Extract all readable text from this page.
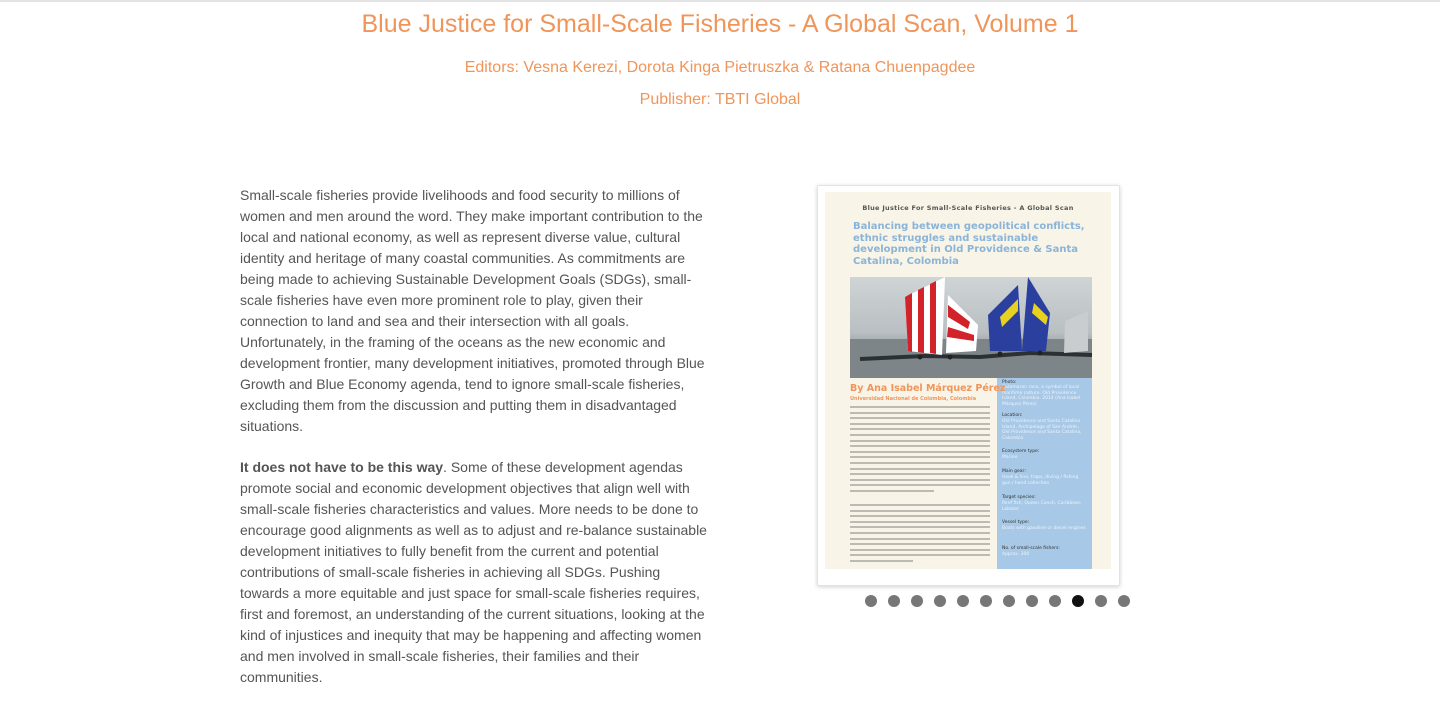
Blue Justice for Small-Scale Fisheries - A Global Scan, Volume 1
Editors: Vesna Kerezi, Dorota Kinga Pietruszka & Ratana Chuenpagdee
Publisher: TBTI Global

Small-scale fisheries provide livelihoods and food security to millions of women and men around the word. They make important contribution to the local and national economy, as well as represent diverse value, cultural identity and heritage of many coastal communities. As commitments are being made to achieving Sustainable Development Goals (SDGs), small-scale fisheries have even more prominent role to play, given their connection to land and sea and their intersection with all goals. Unfortunately, in the framing of the oceans as the new economic and development frontier, many development initiatives, promoted through Blue Growth and Blue Economy agenda, tend to ignore small-scale fisheries, excluding them from the discussion and putting them in disadvantaged situations.

It does not have to be this way. Some of these development agendas promote social and economic development objectives that align well with small-scale fisheries characteristics and values. More needs to be done to encourage good alignments as well as to adjust and re-balance sustainable development initiatives to fully benefit from the current and potential contributions of small-scale fisheries in achieving all SDGs. Pushing towards a more equitable and just space for small-scale fisheries requires, first and foremost, an understanding of the current situations, looking at the kind of injustices and inequity that may be happening and affecting women and men involved in small-scale fisheries, their families and their communities.

Blue Justice For Small-Scale Fisheries - A Global Scan
Balancing between geopolitical conflicts, ethnic struggles and sustainable development in Old Providence & Santa Catalina, Colombia
Photo:
Catamaran race, a symbol of local maritime culture. Old Providence Island, Colombia. 2014 (Ana Isabel Márquez Pérez)
Location:
Old Providence and Santa Catalina Island, Archipelago of San Andrés, Old Providence and Santa Catalina, Colombia
Ecosystem type:
Marine
Main gear:
Hook & line, traps, diving / fishing gun / hand collection
Target species:
Reef fish, Queen Conch, Caribbean Lobster
Vessel type:
Boats with gasoline or diesel engines
No. of small-scale fishers:
Approx. 300
By Ana Isabel Márquez Pérez
Universidad Nacional de Colombia, Colombia
